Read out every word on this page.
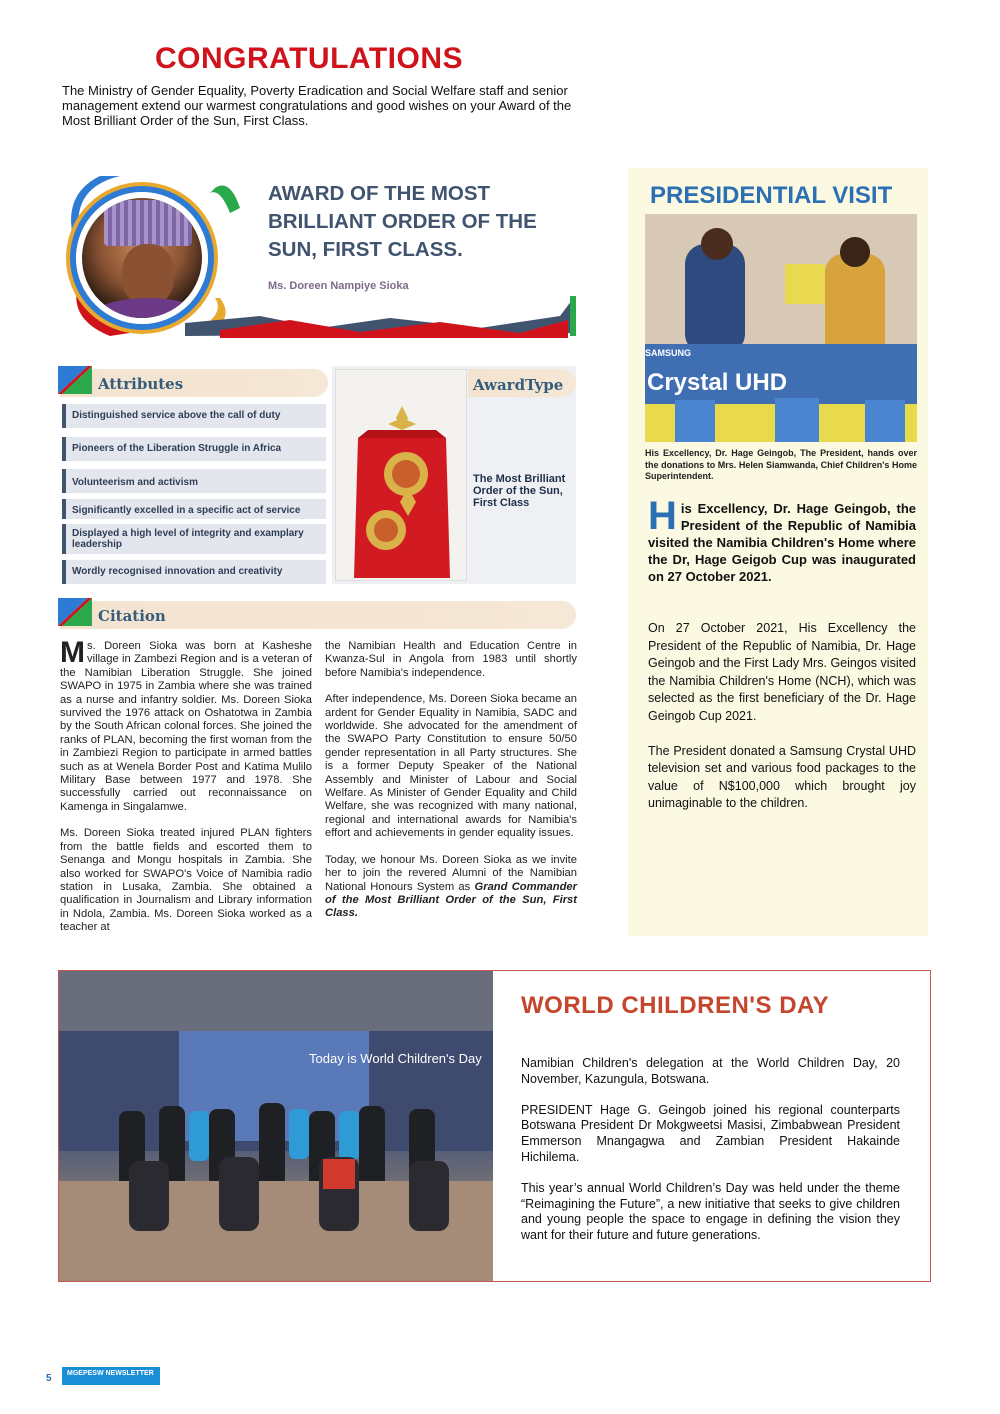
CONGRATULATIONS
The Ministry of Gender Equality, Poverty Eradication and Social Welfare staff and senior management extend our warmest congratulations and good wishes on your Award of the Most Brilliant Order of the Sun, First Class.
AWARD OF THE MOST BRILLIANT ORDER OF THE SUN, FIRST CLASS.
Ms. Doreen Nampiye Sioka
Attributes
Distinguished service above the call of duty
Pioneers of the Liberation Struggle in Africa
Volunteerism and activism
Significantly excelled in a specific act of service
Displayed a high level of integrity and examplary leadership
Wordly recognised innovation and creativity
AwardType
The Most Brilliant Order of the Sun, First Class
Citation

Ms. Doreen Sioka was born at Kasheshe village in Zambezi Region and is a veteran of the Namibian Liberation Struggle. She joined SWAPO in 1975 in Zambia where she was trained as a nurse and infantry soldier. Ms. Doreen Sioka survived the 1976 attack on Oshatotwa in Zambia by the South African colonal forces. She joined the ranks of PLAN, becoming the first woman from the in Zambiezi Region to participate in armed battles such as at Wenela Border Post and Katima Mulilo Military Base between 1977 and 1978. She successfully carried out reconnaissance on Kamenga in Singalamwe.

Ms. Doreen Sioka treated injured PLAN fighters from the battle fields and escorted them to Senanga and Mongu hospitals in Zambia. She also worked for SWAPO's Voice of Namibia radio station in Lusaka, Zambia. She obtained a qualification in Journalism and Library information in Ndola, Zambia. Ms. Doreen Sioka worked as a teacher at

the Namibian Health and Education Centre in Kwanza-Sul in Angola from 1983 until shortly before Namibia's independence.

After independence, Ms. Doreen Sioka became an ardent for Gender Equality in Namibia, SADC and worldwide. She advocated for the amendment of the SWAPO Party Constitution to ensure 50/50 gender representation in all Party structures. She is a former Deputy Speaker of the National Assembly and Minister of Labour and Social Welfare. As Minister of Gender Equality and Child Welfare, she was recognized with many national, regional and international awards for Namibia's effort and achievements in gender equality issues.

Today, we honour Ms. Doreen Sioka as we invite her to join the revered Alumni of the Namibian National Honours System as Grand Commander of the Most Brilliant Order of the Sun, First Class.

PRESIDENTIAL VISIT
SAMSUNG
Crystal UHD
His Excellency, Dr. Hage Geingob, The President, hands over the donations to Mrs. Helen Siamwanda, Chief Children's Home Superintendent.
His Excellency, Dr. Hage Geingob, the President of the Republic of Namibia visited the Namibia Children's Home where the Dr, Hage Geigob Cup was inaugurated on 27 October 2021.

On 27 October 2021, His Excellency the President of the Republic of Namibia, Dr. Hage Geingob and the First Lady Mrs. Geingos visited the Namibia Children's Home (NCH), which was selected as the first beneficiary of the Dr. Hage Geingob Cup 2021.

The President donated a Samsung Crystal UHD television set and various food packages to the value of N$100,000 which brought joy unimaginable to the children.

Today is World Children's Day
WORLD CHILDREN'S DAY

Namibian Children's delegation at the World Children Day, 20 November, Kazungula, Botswana.

PRESIDENT Hage G. Geingob joined his regional counterparts Botswana President Dr Mokgweetsi Masisi, Zimbabwean President Emmerson Mnangagwa and Zambian President Hakainde Hichilema.

This year’s annual World Children’s Day was held under the theme “Reimagining the Future”, a new initiative that seeks to give children and young people the space to engage in defining the vision they want for their future and future generations.

5	MGEPESW NEWSLETTER
